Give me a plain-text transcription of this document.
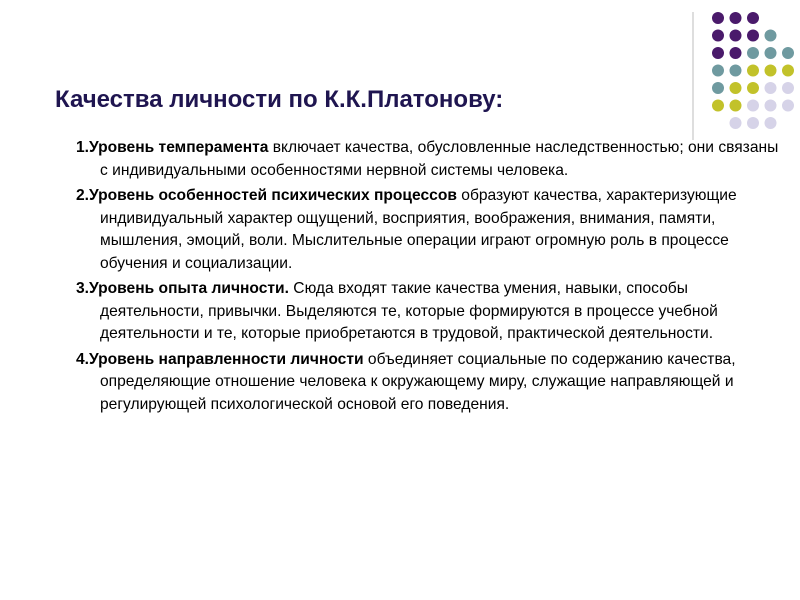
Качества личности по К.К.Платонову:
1.Уровень темперамента включает качества, обусловленные наследственностью; они связаны с индивидуальными особенностями нервной системы человека.
2.Уровень особенностей психических процессов образуют качества, характеризующие индивидуальный характер ощущений, восприятия, воображения, внимания, памяти, мышления, эмоций, воли. Мыслительные операции играют огромную роль в процессе обучения и социализации.
3.Уровень опыта личности. Сюда входят такие качества умения, навыки, способы деятельности, привычки. Выделяются те, которые формируются в процессе учебной деятельности и те, которые приобретаются в трудовой, практической деятельности.
4.Уровень направленности личности объединяет социальные по содержанию качества, определяющие отношение человека к окружающему миру, служащие направляющей и регулирующей психологической основой его поведения.
